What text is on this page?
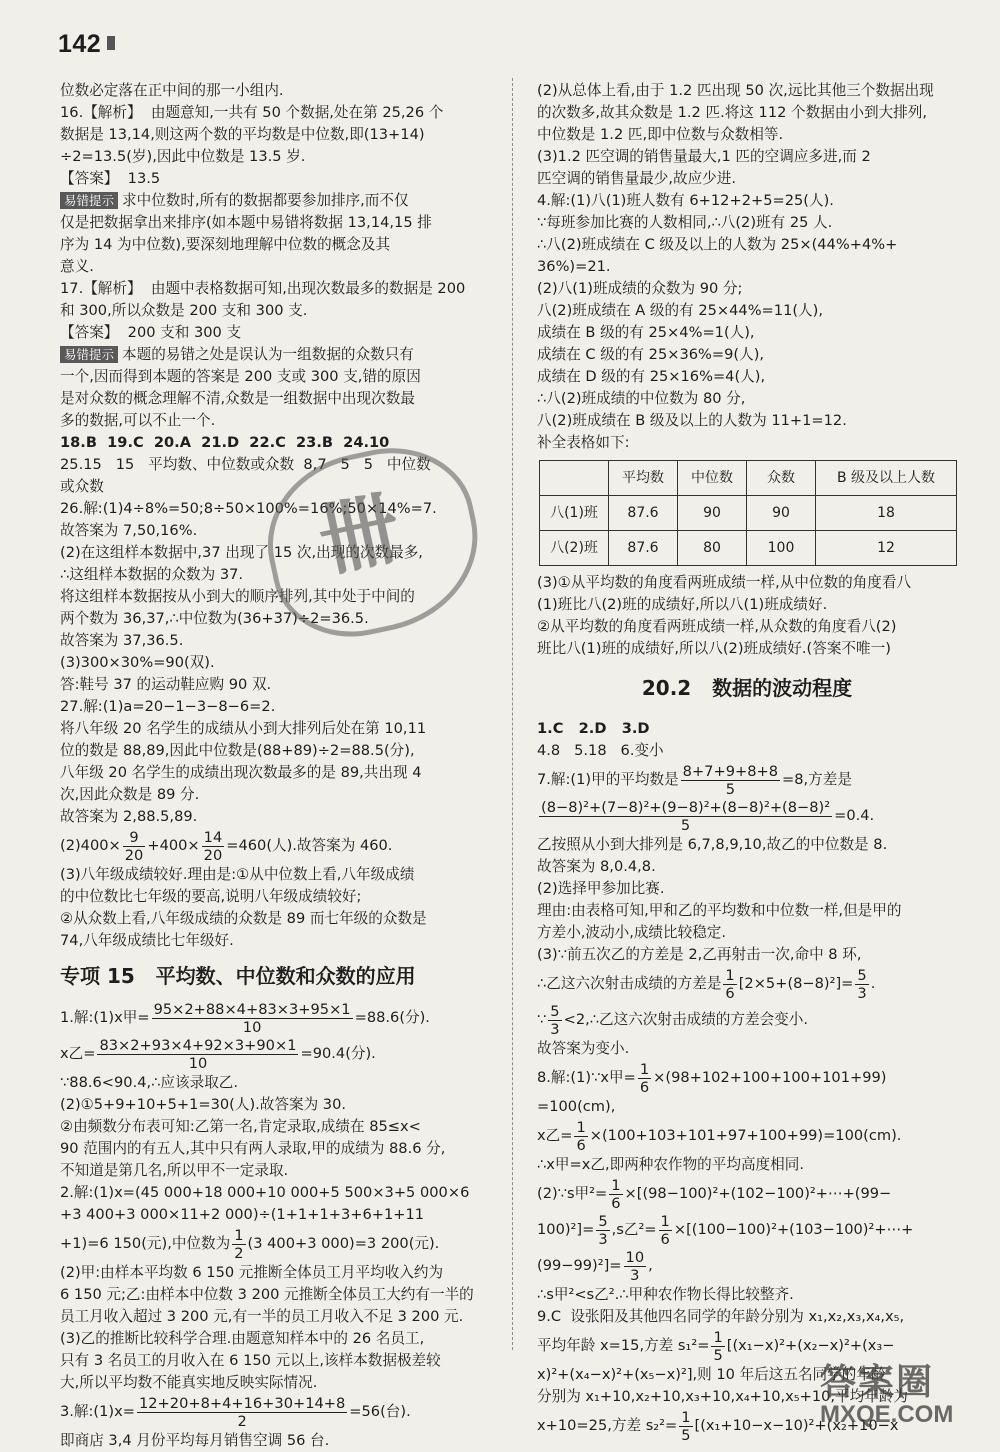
142

位数必定落在正中间的那一小组内.

16.【解析】  由题意知,一共有 50 个数据,处在第 25,26 个

数据是 13,14,则这两个数的平均数是中位数,即(13+14)

÷2=13.5(岁),因此中位数是 13.5 岁.

【答案】  13.5

易错提示 求中位数时,所有的数据都要参加排序,而不仅

仅是把数据拿出来排序(如本题中易错将数据 13,14,15 排

序为 14 为中位数),要深刻地理解中位数的概念及其

意义.

17.【解析】  由题中表格数据可知,出现次数最多的数据是 200

和 300,所以众数是 200 支和 300 支.

【答案】  200 支和 300 支

易错提示 本题的易错之处是误认为一组数据的众数只有

一个,因而得到本题的答案是 200 支或 300 支,错的原因

是对众数的概念理解不清,众数是一组数据中出现次数最

多的数据,可以不止一个.

18.B  19.C  20.A  21.D  22.C  23.B  24.10

25.15   15   平均数、中位数或众数  8,7   5   5   中位数

或众数

26.解:(1)4÷8%=50;8÷50×100%=16%;50×14%=7.

故答案为 7,50,16%.

(2)在这组样本数据中,37 出现了 15 次,出现的次数最多,

∴这组样本数据的众数为 37.

将这组样本数据按从小到大的顺序排列,其中处于中间的

两个数为 36,37,∴中位数为(36+37)÷2=36.5.

故答案为 37,36.5.

(3)300×30%=90(双).

答:鞋号 37 的运动鞋应购 90 双.

27.解:(1)a=20−1−3−8−6=2.

将八年级 20 名学生的成绩从小到大排列后处在第 10,11

位的数是 88,89,因此中位数是(88+89)÷2=88.5(分),

八年级 20 名学生的成绩出现次数最多的是 89,共出现 4

次,因此众数是 89 分.

故答案为 2,88.5,89.

$(2)400\times \frac{9}{20} +400\times \frac{14}{20} =460$(人).故答案为 460.

(3)八年级成绩较好.理由是:①从中位数上看,八年级成绩

的中位数比七年级的要高,说明八年级成绩较好;

②从众数上看,八年级成绩的众数是 89 而七年级的众数是

74,八年级成绩比七年级好.

专项 15   平均数、中位数和众数的应用

1.解:(1)x甲= $\frac{95\times 2+88\times 4+83\times 3+95\times 1}{10} =88.6$(分).

x乙= $\frac{83\times 2+93\times 4+92\times 3+90\times 1}{10} =90.4$(分).

∵88.6<90.4,∴应该录取乙.

(2)①5+9+10+5+1=30(人).故答案为 30.

②由频数分布表可知:乙第一名,肯定录取,成绩在 85≤x<

90 范围内的有五人,其中只有两人录取,甲的成绩为 88.6 分,

不知道是第几名,所以甲不一定录取.

2.解:(1)x=(45 000+18 000+10 000+5 500×3+5 000×6

+3 400+3 000×11+2 000)÷(1+1+1+3+6+1+11

+1)=6 150(元),中位数为 $\frac{1}{2} (3$ 400+3 000)=3 200(元).

(2)甲:由样本平均数 6 150 元推断全体员工月平均收入约为

6 150 元;乙:由样本中位数 3 200 元推断全体员工大约有一半的

员工月收入超过 3 200 元,有一半的员工月收入不足 3 200 元.

(3)乙的推断比较科学合理.由题意知样本中的 26 名员工,

只有 3 名员工的月收入在 6 150 元以上,该样本数据极差较

大,所以平均数不能真实地反映实际情况.

3.解:(1)x= $\frac{12+20+8+4+16+30+14+8}{2} =56$(台).

即商店 3,4 月份平均每月销售空调 56 台.

(2)从总体上看,由于 1.2 匹出现 50 次,远比其他三个数据出现

的次数多,故其众数是 1.2 匹.将这 112 个数据由小到大排列,

中位数是 1.2 匹,即中位数与众数相等.

(3)1.2 匹空调的销售量最大,1 匹的空调应多进,而 2

匹空调的销售量最少,故应少进.

4.解:(1)八(1)班人数有 6+12+2+5=25(人).

∵每班参加比赛的人数相同,∴八(2)班有 25 人.

∴八(2)班成绩在 C 级及以上的人数为 25×(44%+4%+

36%)=21.

(2)八(1)班成绩的众数为 90 分;

八(2)班成绩在 A 级的有 25×44%=11(人),

成绩在 B 级的有 25×4%=1(人),

成绩在 C 级的有 25×36%=9(人),

成绩在 D 级的有 25×16%=4(人),

∴八(2)班成绩的中位数为 80 分,

八(2)班成绩在 B 级及以上的人数为 11+1=12.

补全表格如下:

	平均数	中位数	众数	B 级及以上人数
八(1)班	87.6	90	90	18
八(2)班	87.6	80	100	12

(3)①从平均数的角度看两班成绩一样,从中位数的角度看八

(1)班比八(2)班的成绩好,所以八(1)班成绩好.

②从平均数的角度看两班成绩一样,从众数的角度看八(2)

班比八(1)班的成绩好,所以八(2)班成绩好.(答案不唯一)

20.2   数据的波动程度

1.C   2.D   3.D

4.8   5.18   6.变小

7.解:(1)甲的平均数是 $\frac{8+7+9+8+8}{5} =8$,方差是

$\frac{\text{(8−8)²+(7−8)²+(9−8)²+(8−8)²+(8−8)²}}{5} =0.4$.

乙按照从小到大排列是 6,7,8,9,10,故乙的中位数是 8.

故答案为 8,0.4,8.

(2)选择甲参加比赛.

理由:由表格可知,甲和乙的平均数和中位数一样,但是甲的

方差小,波动小,成绩比较稳定.

(3)∵前五次乙的方差是 2,乙再射击一次,命中 8 环,

∴乙这六次射击成绩的方差是 $\frac{1}{6} [2\times 5+(8-8)^2]= \frac{5}{3}$ .

∵ $\frac{5}{3}$ <2,∴乙这六次射击成绩的方差会变小.

故答案为变小.

8.解:(1)∵x甲= $\frac{1}{6} \times(98+102+100+100+101+99)$

=100(cm),

x乙= $\frac{1}{6} \times(100+103+101+97+100+99)=100(cm)$.

∴x甲=x乙,即两种农作物的平均高度相同.

(2)∵s甲$^2= \frac{1}{6}$ ×[(98−100)²+(102−100)²+⋯+(99−

$100)^2]= \frac{5}{3} ,s$乙$^2= \frac{1}{6}$ ×[(100−100)²+(103−100)²+⋯+

$(99-99)^2]= \frac{10}{3}$ ,

∴s甲²<s乙².∴甲种农作物长得比较整齐.

9.C  设张阳及其他四名同学的年龄分别为 x₁,x₂,x₃,x₄,x₅,

平均年龄 x=15,方差 $s_1^2= \frac{1}{5} [(x_1-x)^2+(x_2-x)^2+(x_3-$

x)²+(x₄−x)²+(x₅−x)²],则 10 年后这五名同学的年龄

分别为 x₁+10,x₂+10,x₃+10,x₄+10,x₅+10,平均年龄为

x+10=25,方差 $s_2^2= \frac{1}{5} [(x_1+10-x-10)^2+(x_2+10-x$

卌
答案圈
MXQE.COM
